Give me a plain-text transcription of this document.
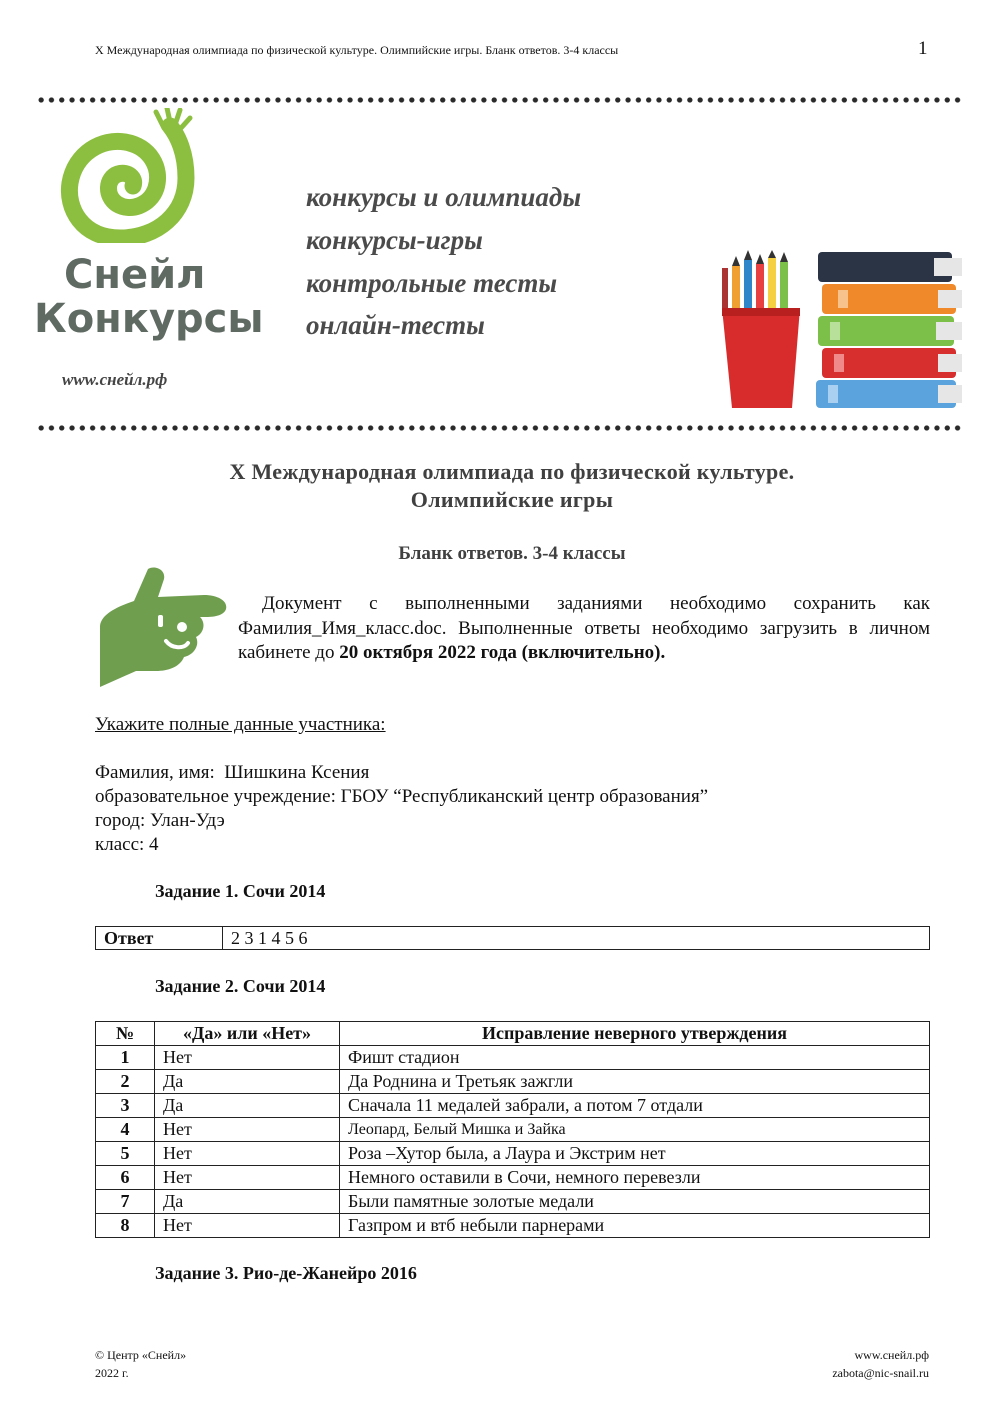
X Международная олимпиада по физической культуре. Олимпийские игры. Бланк ответов. 3-4 классы	1
Снейл
Конкурсы
www.снейл.рф
конкурсы и олимпиады
конкурсы-игры
контрольные тесты
онлайн-тесты
X Международная олимпиада по физической культуре.
Олимпийские игры
Бланк ответов. 3-4 классы
Документ с выполненными заданиями необходимо сохранить как Фамилия_Имя_класс.doc. Выполненные ответы необходимо загрузить в личном кабинете до 20 октября 2022 года (включительно).
Укажите полные данные участника:
Фамилия, имя: Шишкина Ксения
образовательное учреждение: ГБОУ “Республиканский центр образования”
город: Улан-Удэ
класс: 4
Задание 1. Сочи 2014
Ответ	2 3 1 4 5 6
Задание 2. Сочи 2014
№	«Да» или «Нет»	Исправление неверного утверждения
1	Нет	Фишт стадион
2	Да	Да Роднина и Третьяк зажгли
3	Да	Сначала 11 медалей забрали, а потом 7 отдали
4	Нет	Леопард, Белый Мишка и Зайка
5	Нет	Роза –Хутор была, а Лаура и Экстрим нет
6	Нет	Немного оставили в Сочи, немного перевезли
7	Да	Были памятные золотые медали
8	Нет	Газпром и втб небыли парнерами
Задание 3. Рио-де-Жанейро 2016
© Центр «Снейл»
2022 г.
www.снейл.рф
zabota@nic-snail.ru
